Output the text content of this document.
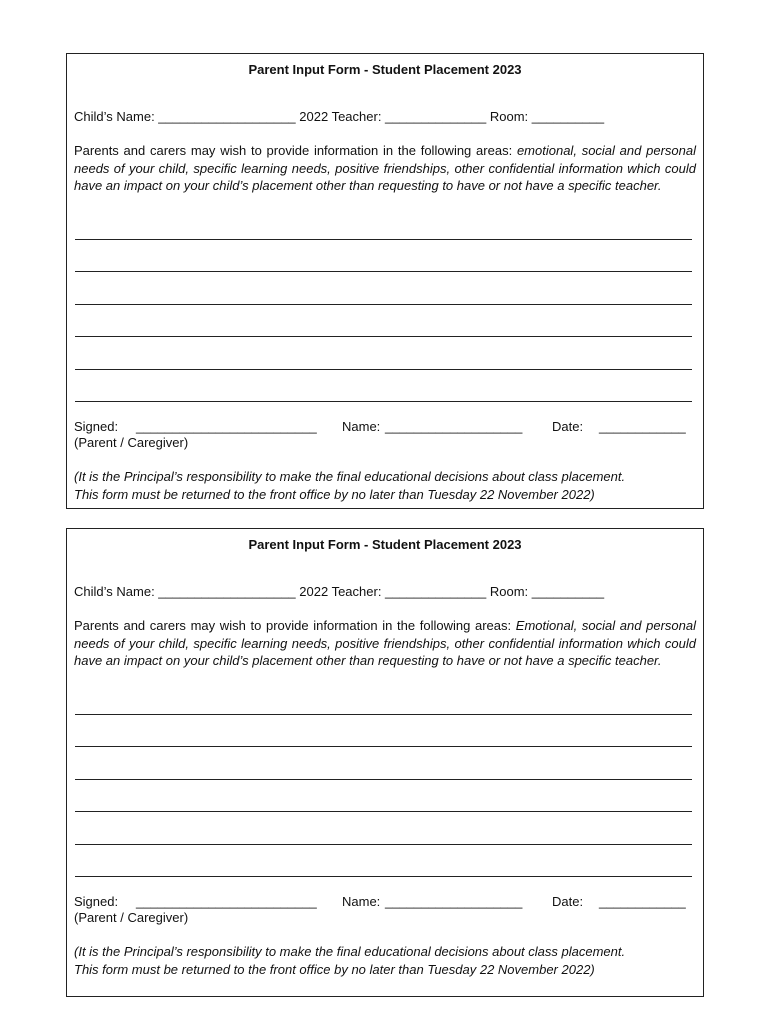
Parent Input Form - Student Placement 2023
Child’s Name: ___________________ 2022 Teacher: ______________ Room: __________

Parents and carers may wish to provide information in the following areas: emotional, social and personal needs of your child, specific learning needs, positive friendships, other confidential information which could have an impact on your child’s placement other than requesting to have or not have a specific teacher.

Signed: _________________________ Name: ___________________ Date: ____________
(Parent / Caregiver)

(It is the Principal’s responsibility to make the final educational decisions about class placement.
This form must be returned to the front office by no later than Tuesday 22 November 2022)

Parent Input Form - Student Placement 2023
Child’s Name: ___________________ 2022 Teacher: ______________ Room: __________

Parents and carers may wish to provide information in the following areas: Emotional, social and personal needs of your child, specific learning needs, positive friendships, other confidential information which could have an impact on your child’s placement other than requesting to have or not have a specific teacher.

Signed: _________________________ Name: ___________________ Date: ____________
(Parent / Caregiver)

(It is the Principal’s responsibility to make the final educational decisions about class placement.
This form must be returned to the front office by no later than Tuesday 22 November 2022)
